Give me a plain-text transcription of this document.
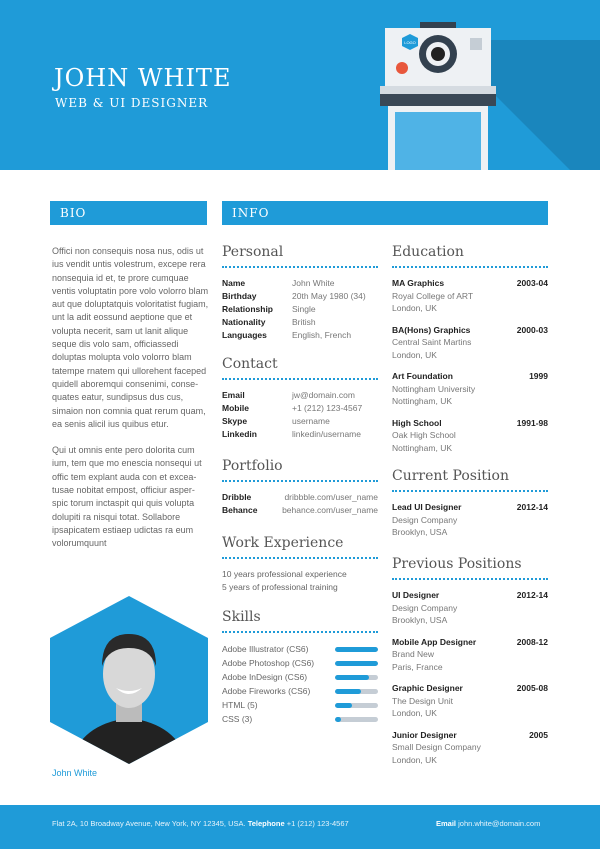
JOHN WHITE
WEB & UI DESIGNER
LOGO
BIO	INFO

Offici non consequis nosa nus, odis ut ius vendit untis volestrum, excepe rera nonsequia id et, te prore cumquae ventis voluptatin pore volo volorro blam aut que doluptatquis voloritatist fugiam, unt la adit eossund aeptione que et volupta necerit, sam ut lanit alique seque dis volo sam, officiassedi doluptas molupta volo volorro blam tatempe rnatem qui ullorehent faceped quidell aboremqui consenimi, conse-quates eatur, sundipsus dus cus, simaion non comnia quat rerum quam, ea senis alicil ius quibus etur.

Qui ut omnis ente pero dolorita cum ium, tem que mo enescia nonsequi ut offic tem explant auda con et excea-tusae nobitat empost, officiur asper-spic torum inctaspit qui quis volupta dolupiti ra nisqui totat. Sollabore ipsapicatem estiaep udictas ra eum volorumquunt

John White
Personal
Name	John White
Birthday	20th May 1980 (34)
Relationship	Single
Nationality	British
Languages	English, French
Contact
Email	jw@domain.com
Mobile	+1 (212) 123-4567
Skype	username
Linkedin	linkedin/username
Portfolio
Dribble	dribbble.com/user_name
Behance	behance.com/user_name
Work Experience
10 years professional experience
5 years of professional training
Skills
Adobe Illustrator (CS6)
Adobe Photoshop (CS6)
Adobe InDesign (CS6)
Adobe Fireworks (CS6)
HTML (5)
CSS (3)
Education
MA Graphics	2003-04
Royal College of ART
London, UK
BA(Hons) Graphics	2000-03
Central Saint Martins
London, UK
Art Foundation	1999
Nottingham University
Nottingham, UK
High School	1991-98
Oak High School
Nottingham, UK
Current Position
Lead UI Designer	2012-14
Design Company
Brooklyn, USA
Previous Positions
UI Designer	2012-14
Design Company
Brooklyn, USA
Mobile App Designer	2008-12
Brand New
Paris, France
Graphic Designer	2005-08
The Design Unit
London, UK
Junior Designer	2005
Small Design Company
London, UK
Flat 2A, 10 Broadway Avenue, New York, NY 12345, USA. Telephone +1 (212) 123-4567	Email john.white@domain.com
